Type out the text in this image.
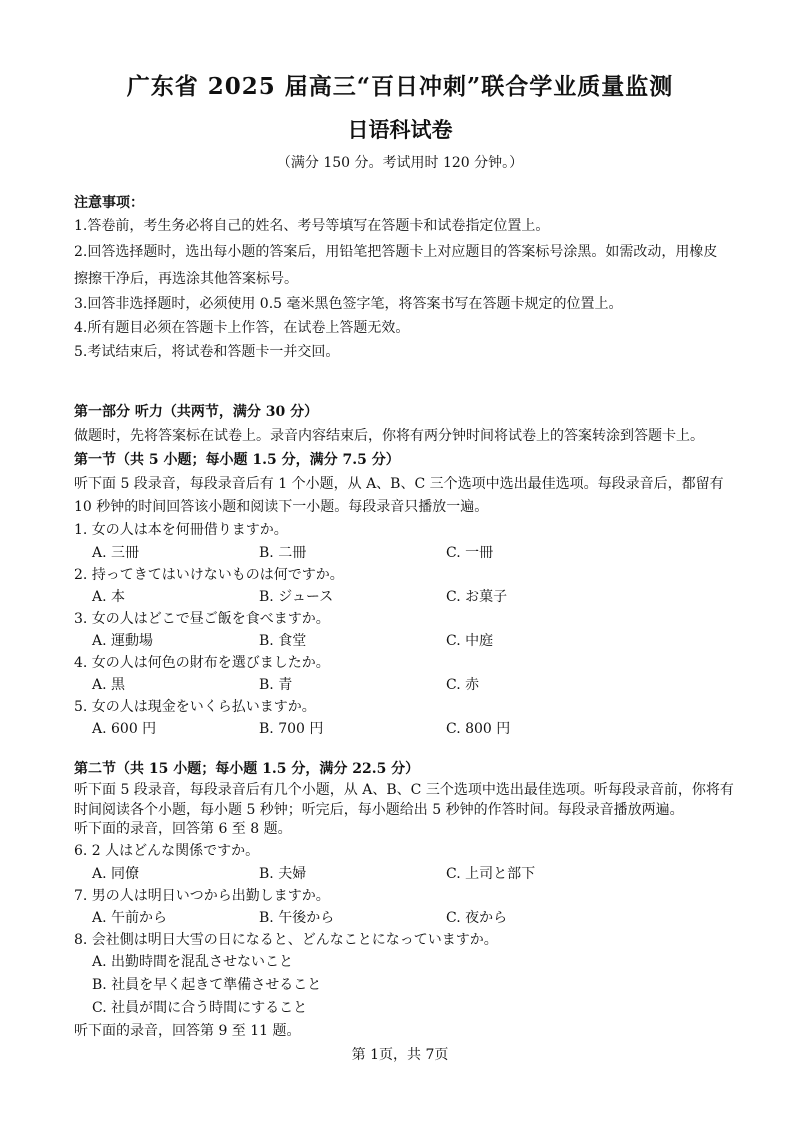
广东省 2025 届高三“百日冲刺”联合学业质量监测
日语科试卷
（满分 150 分。考试用时 120 分钟。）
注意事项：
1.答卷前，考生务必将自己的姓名、考号等填写在答题卡和试卷指定位置上。
2.回答选择题时，选出每小题的答案后，用铅笔把答题卡上对应题目的答案标号涂黑。如需改动，用橡皮
擦擦干净后，再选涂其他答案标号。
3.回答非选择题时，必须使用 0.5 毫米黑色签字笔，将答案书写在答题卡规定的位置上。
4.所有题目必须在答题卡上作答，在试卷上答题无效。
5.考试结束后，将试卷和答题卡一并交回。
第一部分 听力（共两节，满分 30 分）
做题时，先将答案标在试卷上。录音内容结束后，你将有两分钟时间将试卷上的答案转涂到答题卡上。
第一节（共 5 小题；每小题 1.5 分，满分 7.5 分）
听下面 5 段录音，每段录音后有 1 个小题，从 A、B、C 三个选项中选出最佳选项。每段录音后，都留有
10 秒钟的时间回答该小题和阅读下一小题。每段录音只播放一遍。
1. 女の人は本を何冊借りますか。
A. 三冊	B. 二冊	C. 一冊
2. 持ってきてはいけないものは何ですか。
A. 本	B. ジュース	C. お菓子
3. 女の人はどこで昼ご飯を食べますか。
A. 運動場	B. 食堂	C. 中庭
4. 女の人は何色の財布を選びましたか。
A. 黒	B. 青	C. 赤
5. 女の人は現金をいくら払いますか。
A. 600 円	B. 700 円	C. 800 円
第二节（共 15 小题；每小题 1.5 分，满分 22.5 分）
听下面 5 段录音，每段录音后有几个小题，从 A、B、C 三个选项中选出最佳选项。听每段录音前，你将有
时间阅读各个小题，每小题 5 秒钟；听完后，每小题给出 5 秒钟的作答时间。每段录音播放两遍。
听下面的录音，回答第 6 至 8 题。
6. 2 人はどんな関係ですか。
A. 同僚	B. 夫婦	C. 上司と部下
7. 男の人は明日いつから出勤しますか。
A. 午前から	B. 午後から	C. 夜から
8. 会社側は明日大雪の日になると、どんなことになっていますか。
A. 出勤時間を混乱させないこと
B. 社員を早く起きて準備させること
C. 社員が間に合う時間にすること
听下面的录音，回答第 9 至 11 题。
第 1页，共 7页
